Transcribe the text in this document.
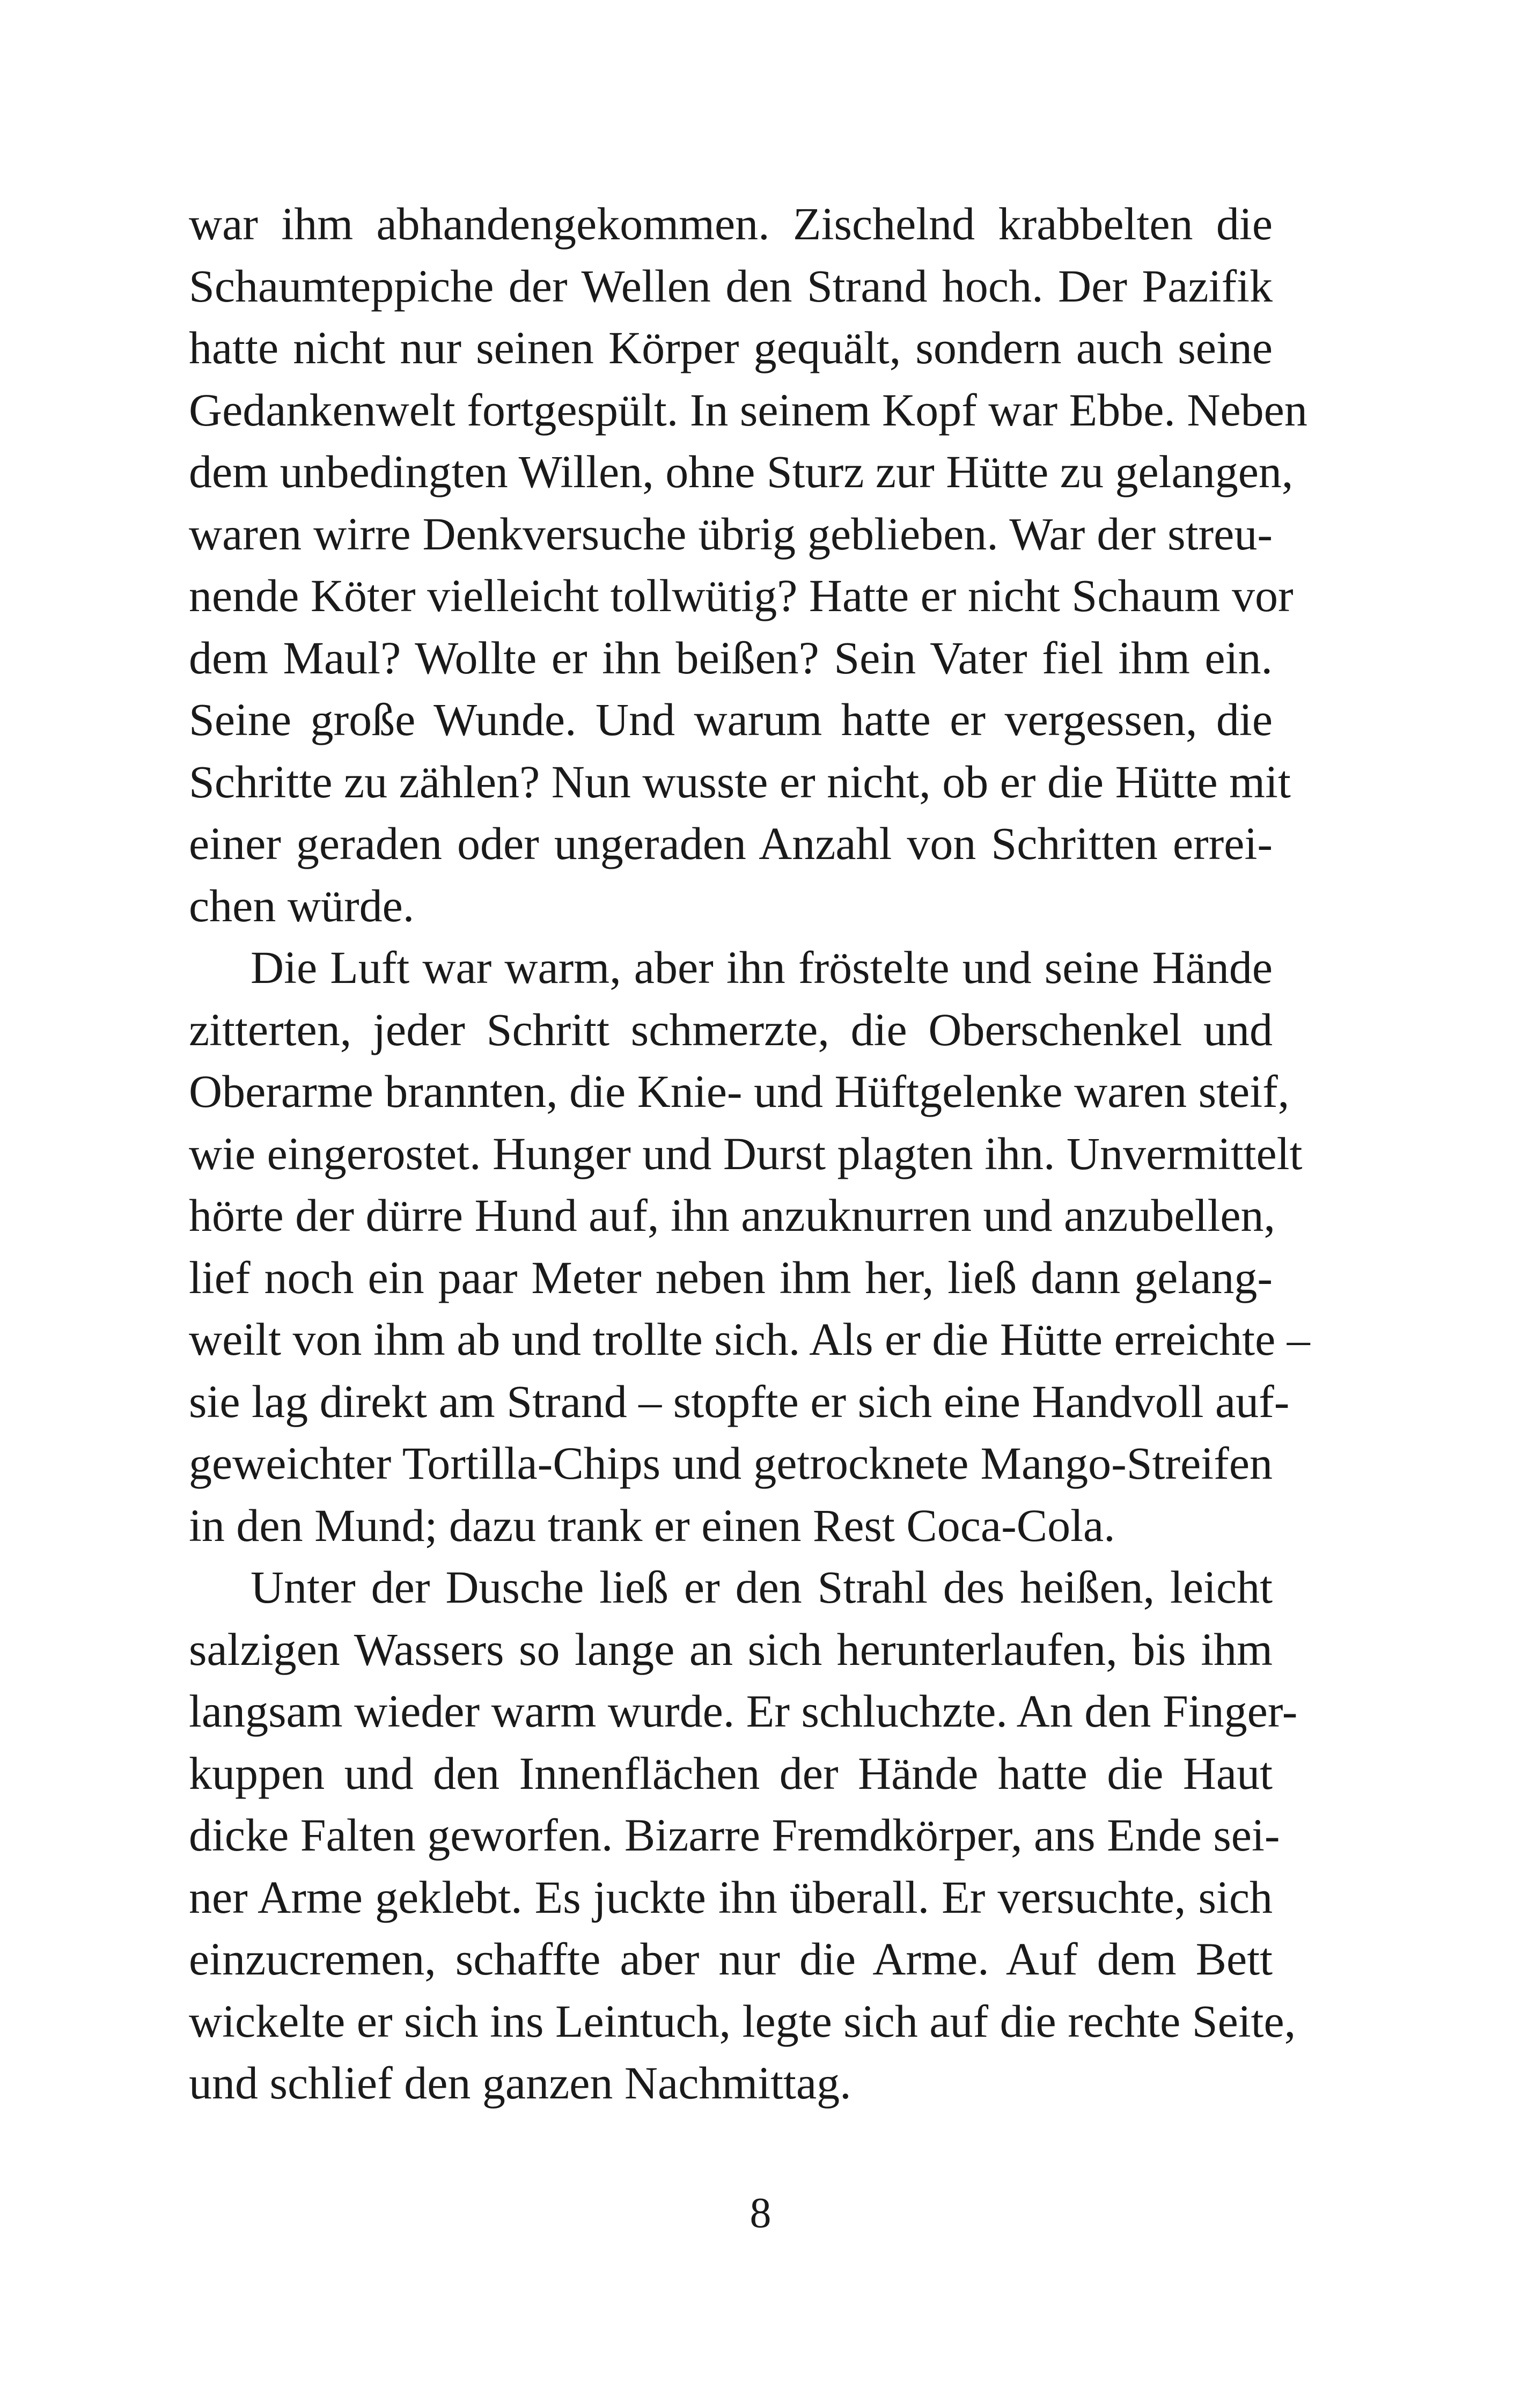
war ihm abhandengekommen. Zischelnd krabbelten die
Schaumteppiche der Wellen den Strand hoch. Der Pazifik
hatte nicht nur seinen Körper gequält, sondern auch seine
Gedankenwelt fortgespült. In seinem Kopf war Ebbe. Neben
dem unbedingten Willen, ohne Sturz zur Hütte zu gelangen,
waren wirre Denkversuche übrig geblieben. War der streu-
nende Köter vielleicht tollwütig? Hatte er nicht Schaum vor
dem Maul? Wollte er ihn beißen? Sein Vater fiel ihm ein.
Seine große Wunde. Und warum hatte er vergessen, die
Schritte zu zählen? Nun wusste er nicht, ob er die Hütte mit
einer geraden oder ungeraden Anzahl von Schritten errei-
chen würde.
Die Luft war warm, aber ihn fröstelte und seine Hände
zitterten, jeder Schritt schmerzte, die Oberschenkel und
Oberarme brannten, die Knie- und Hüftgelenke waren steif,
wie eingerostet. Hunger und Durst plagten ihn. Unvermittelt
hörte der dürre Hund auf, ihn anzuknurren und anzubellen,
lief noch ein paar Meter neben ihm her, ließ dann gelang-
weilt von ihm ab und trollte sich. Als er die Hütte erreichte –
sie lag direkt am Strand – stopfte er sich eine Handvoll auf-
geweichter Tortilla-Chips und getrocknete Mango-Streifen
in den Mund; dazu trank er einen Rest Coca-Cola.
Unter der Dusche ließ er den Strahl des heißen, leicht
salzigen Wassers so lange an sich herunterlaufen, bis ihm
langsam wieder warm wurde. Er schluchzte. An den Finger-
kuppen und den Innenflächen der Hände hatte die Haut
dicke Falten geworfen. Bizarre Fremdkörper, ans Ende sei-
ner Arme geklebt. Es juckte ihn überall. Er versuchte, sich
einzucremen, schaffte aber nur die Arme. Auf dem Bett
wickelte er sich ins Leintuch, legte sich auf die rechte Seite,
und schlief den ganzen Nachmittag.
8
